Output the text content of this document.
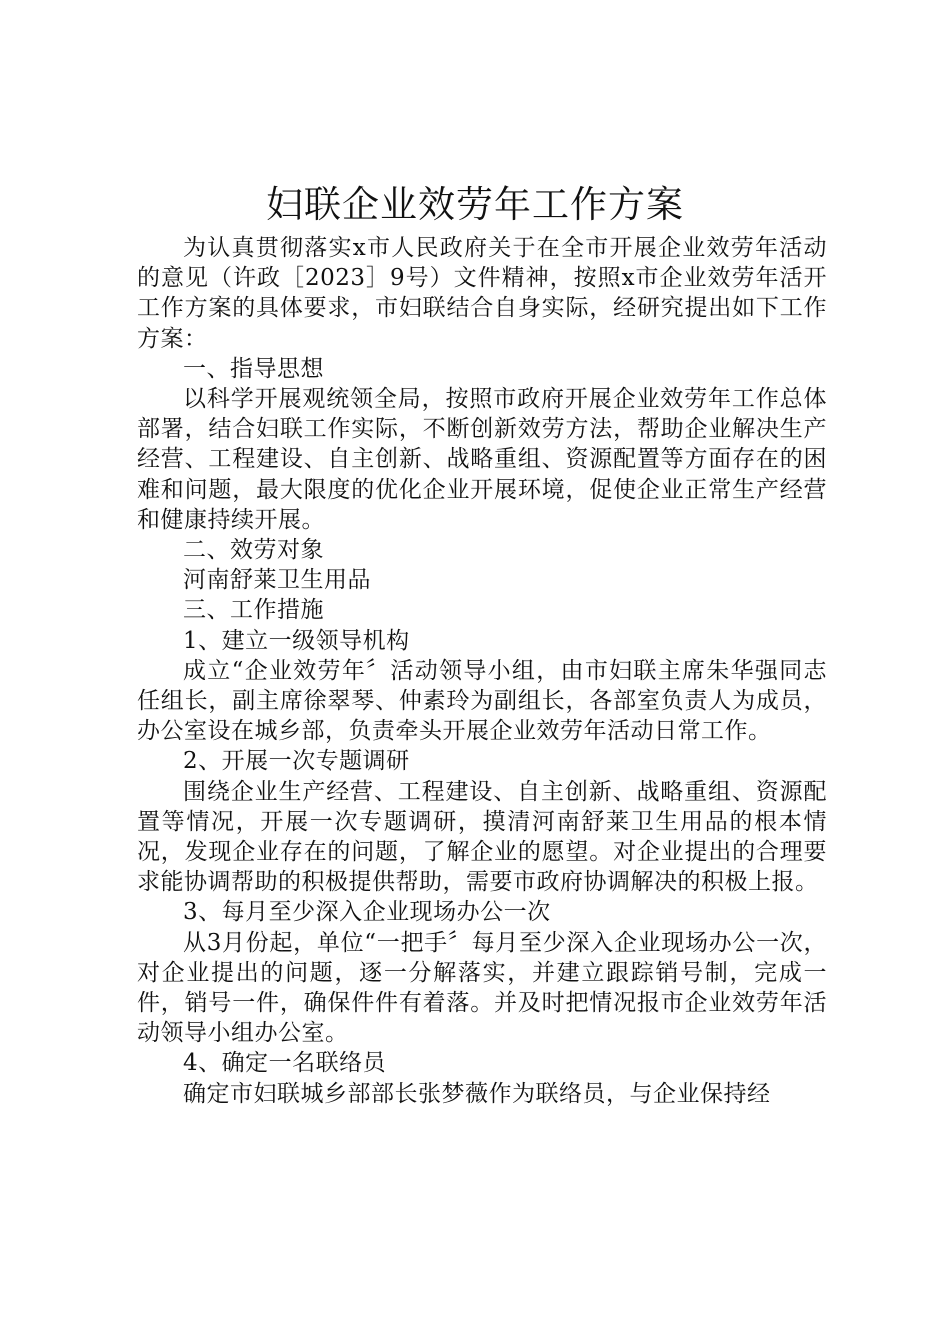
妇联企业效劳年工作方案

为认真贯彻落实x市人民政府关于在全市开展企业效劳年活动的意见（许政［2023］9号）文件精神，按照x市企业效劳年活开工作方案的具体要求，市妇联结合自身实际，经研究提出如下工作方案：

一、指导思想

以科学开展观统领全局，按照市政府开展企业效劳年工作总体部署，结合妇联工作实际，不断创新效劳方法，帮助企业解决生产经营、工程建设、自主创新、战略重组、资源配置等方面存在的困难和问题，最大限度的优化企业开展环境，促使企业正常生产经营和健康持续开展。

二、效劳对象

河南舒莱卫生用品

三、工作措施

1、建立一级领导机构

成立“企业效劳年〞活动领导小组，由市妇联主席朱华强同志任组长，副主席徐翠琴、仲素玲为副组长，各部室负责人为成员，办公室设在城乡部，负责牵头开展企业效劳年活动日常工作。

2、开展一次专题调研

围绕企业生产经营、工程建设、自主创新、战略重组、资源配置等情况，开展一次专题调研，摸清河南舒莱卫生用品的根本情况，发现企业存在的问题，了解企业的愿望。对企业提出的合理要求能协调帮助的积极提供帮助，需要市政府协调解决的积极上报。

3、每月至少深入企业现场办公一次

从3月份起，单位“一把手〞每月至少深入企业现场办公一次，对企业提出的问题，逐一分解落实，并建立跟踪销号制，完成一件，销号一件，确保件件有着落。并及时把情况报市企业效劳年活动领导小组办公室。

4、确定一名联络员

确定市妇联城乡部部长张梦薇作为联络员，与企业保持经
